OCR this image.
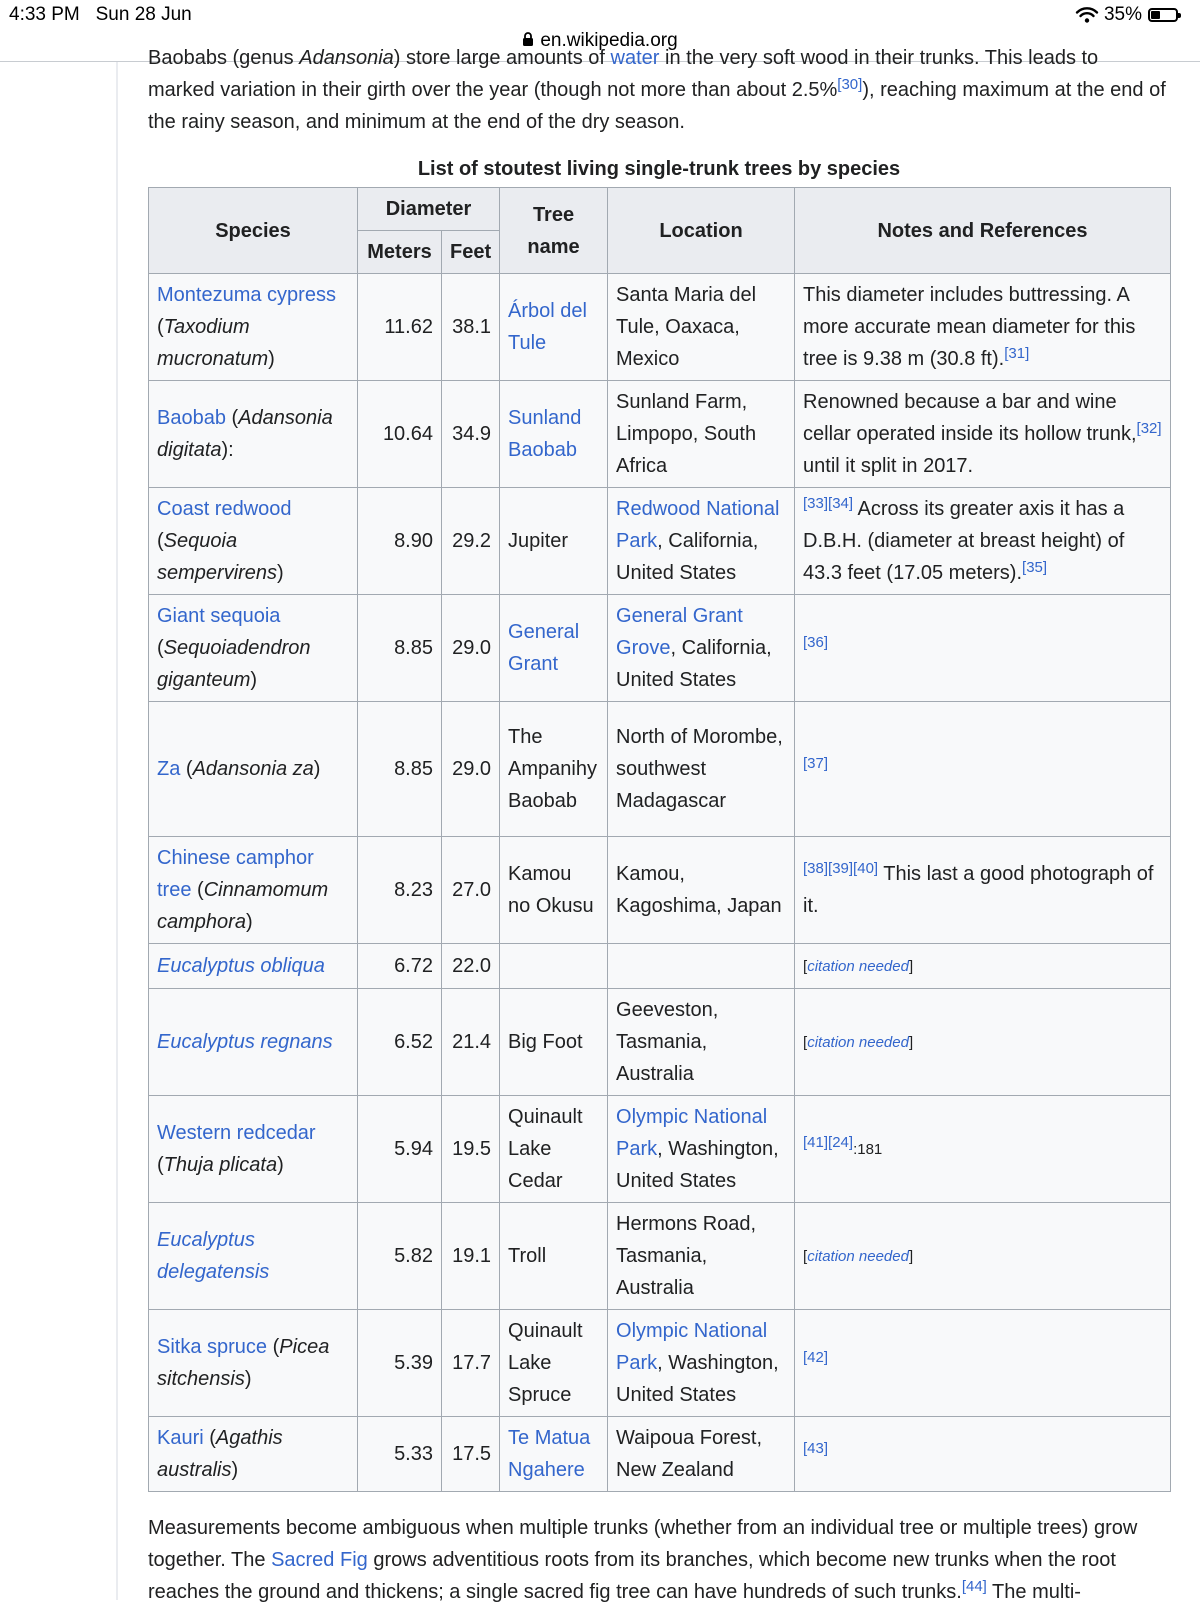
4:33 PM Sun 28 Jun	35%
en.wikipedia.org

Baobabs (genus Adansonia) store large amounts of water in the very soft wood in their trunks. This leads to
marked variation in their girth over the year (though not more than about 2.5%[30]), reaching maximum at the end of the rainy season, and minimum at the end of the dry season.

List of stoutest living single-trunk trees by species
Species	Diameter		Tree name	Location	Notes and References
	Meters	Feet			
Montezuma cypress (Taxodium mucronatum)	11.62	38.1	Árbol del Tule	Santa Maria del Tule, Oaxaca, Mexico	This diameter includes buttressing. A more accurate mean diameter for this tree is 9.38 m (30.8 ft).[31]
Baobab (Adansonia digitata):	10.64	34.9	Sunland Baobab	Sunland Farm, Limpopo, South Africa	Renowned because a bar and wine cellar operated inside its hollow trunk,[32] until it split in 2017.
Coast redwood (Sequoia sempervirens)	8.90	29.2	Jupiter	Redwood National Park, California, United States	[33][34] Across its greater axis it has a D.B.H. (diameter at breast height) of 43.3 feet (17.05 meters).[35]
Giant sequoia (Sequoiadendron giganteum)	8.85	29.0	General Grant	General Grant Grove, California, United States	[36]
Za (Adansonia za)	8.85	29.0	The Ampanihy Baobab	North of Morombe, southwest Madagascar	[37]
Chinese camphor tree (Cinnamomum camphora)	8.23	27.0	Kamou no Okusu	Kamou, Kagoshima, Japan	[38][39][40] This last a good photograph of it.
Eucalyptus obliqua	6.72	22.0			[citation needed]
Eucalyptus regnans	6.52	21.4	Big Foot	Geeveston, Tasmania, Australia	[citation needed]
Western redcedar (Thuja plicata)	5.94	19.5	Quinault Lake Cedar	Olympic National Park, Washington, United States	[41][24]:181
Eucalyptus delegatensis	5.82	19.1	Troll	Hermons Road, Tasmania, Australia	[citation needed]
Sitka spruce (Picea sitchensis)	5.39	17.7	Quinault Lake Spruce	Olympic National Park, Washington, United States	[42]
Kauri (Agathis australis)	5.33	17.5	Te Matua Ngahere	Waipoua Forest, New Zealand	[43]

Measurements become ambiguous when multiple trunks (whether from an individual tree or multiple trees) grow together. The Sacred Fig grows adventitious roots from its branches, which become new trunks when the root reaches the ground and thickens; a single sacred fig tree can have hundreds of such trunks.[44] The multi-
